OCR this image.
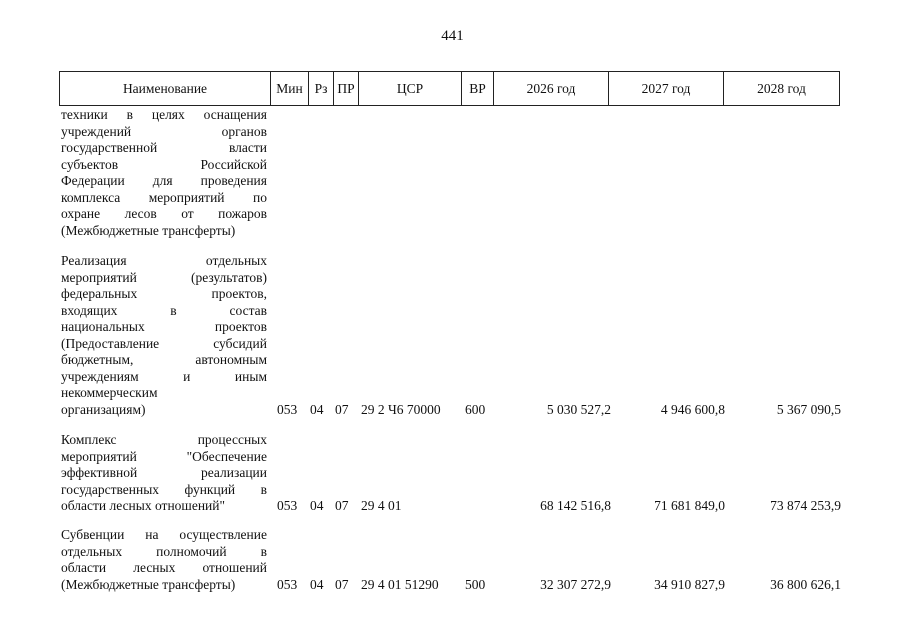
441
Наименование	Мин Рз ПР	ЦСР	ВР	2026 год	2027 год	2028 год
техники в целях оснащения
учреждений органов
государственной власти
субъектов Российской
Федерации для проведения
комплекса мероприятий по
охране лесов от пожаров
(Межбюджетные трансферты)
Реализация отдельных
мероприятий (результатов)
федеральных проектов,
входящих в состав
национальных проектов
(Предоставление субсидий
бюджетным, автономным
учреждениям и иным
некоммерческим
организациям)	053 04 07 29 2 Ч6 70000 600	5 030 527,2	4 946 600,8	5 367 090,5
Комплекс процессных
мероприятий "Обеспечение
эффективной реализации
государственных функций в
области лесных отношений"	053 04 07 29 4 01	68 142 516,8	71 681 849,0	73 874 253,9
Субвенции на осуществление
отдельных полномочий в
области лесных отношений
(Межбюджетные трансферты)	053 04 07 29 4 01 51290 500	32 307 272,9	34 910 827,9	36 800 626,1
